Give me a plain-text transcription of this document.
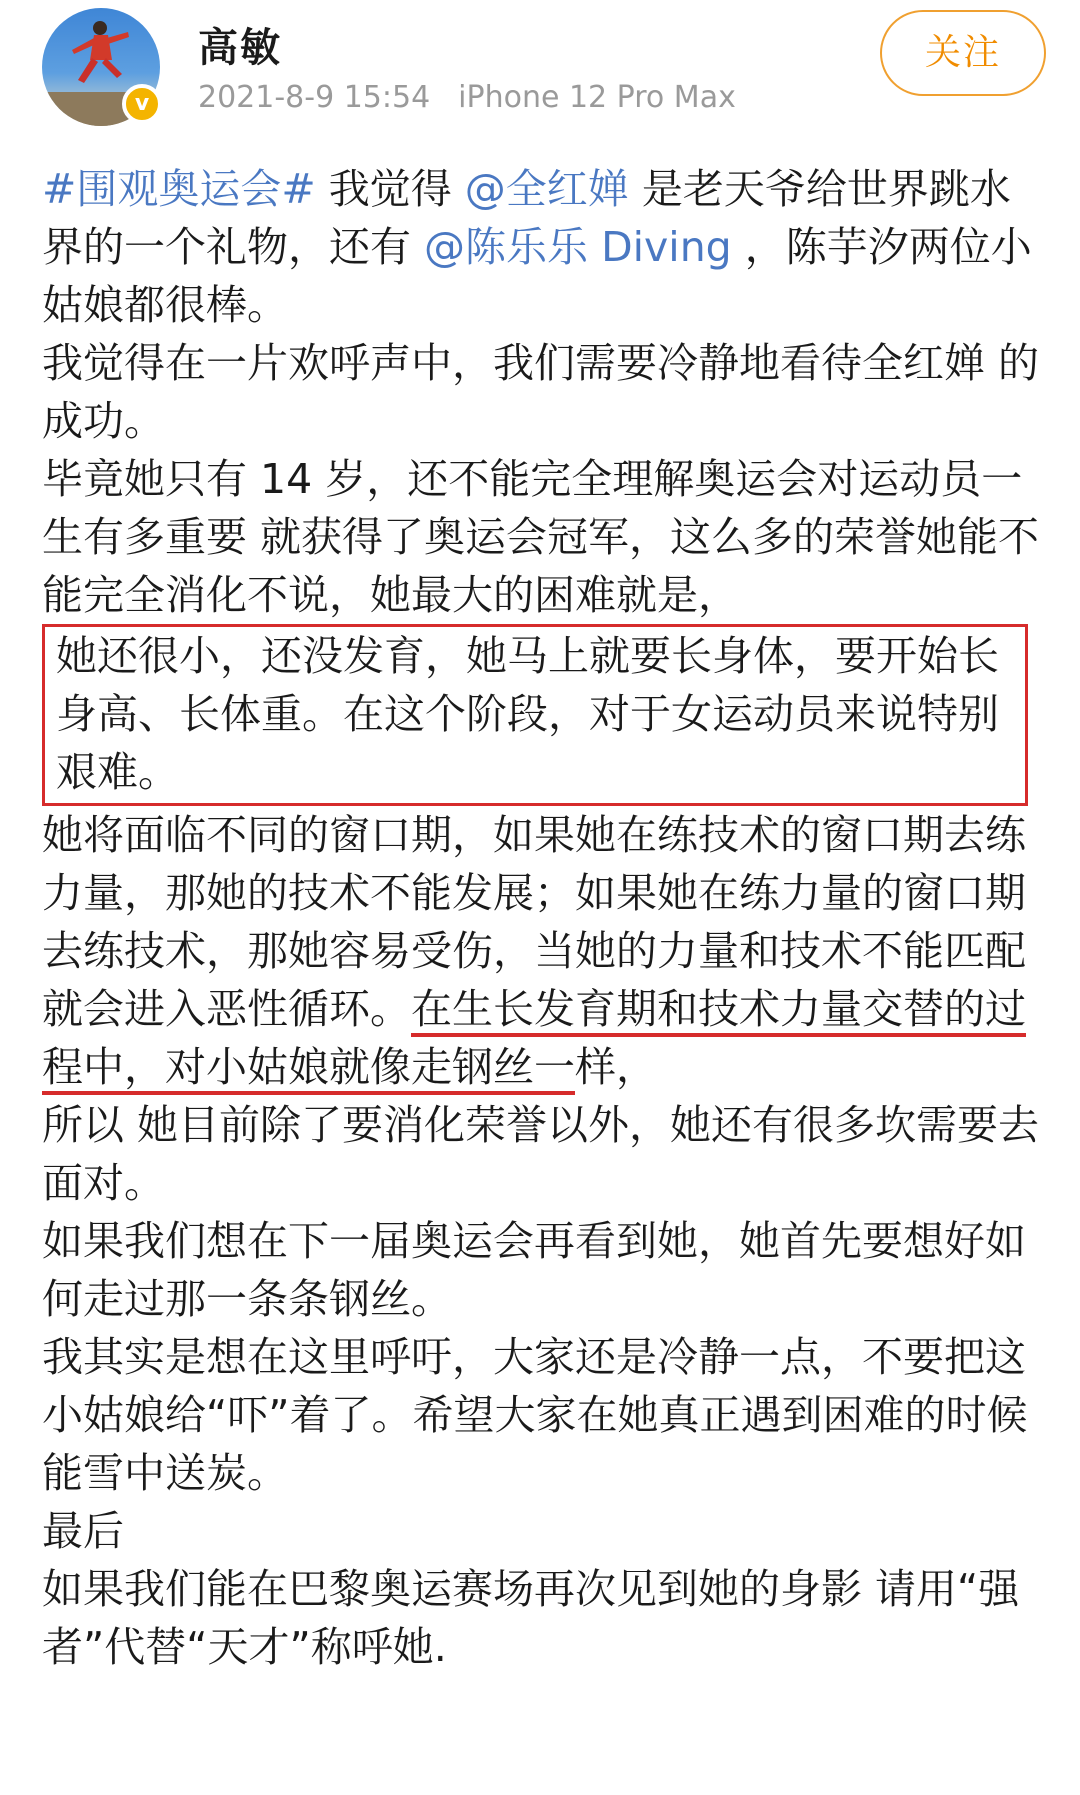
v
高敏
2021-8-9 15:54 iPhone 12 Pro Max
关注

#围观奥运会# 我觉得 @全红婵 是老天爷给世界跳水界的一个礼物，还有 @陈乐乐 Diving ，陈芋汐两位小姑娘都很棒。

我觉得在一片欢呼声中，我们需要冷静地看待全红婵 的成功。

毕竟她只有 14 岁，还不能完全理解奥运会对运动员一生有多重要 就获得了奥运会冠军，这么多的荣誉她能不能完全消化不说，她最大的困难就是，

她还很小，还没发育，她马上就要长身体，要开始长身高、长体重。在这个阶段，对于女运动员来说特别艰难。

她将面临不同的窗口期，如果她在练技术的窗口期去练力量，那她的技术不能发展；如果她在练力量的窗口期去练技术，那她容易受伤，当她的力量和技术不能匹配就会进入恶性循环。在生长发育期和技术力量交替的过程中，对小姑娘就像走钢丝一样，

所以 她目前除了要消化荣誉以外，她还有很多坎需要去面对。

如果我们想在下一届奥运会再看到她，她首先要想好如何走过那一条条钢丝。

我其实是想在这里呼吁，大家还是冷静一点，不要把这小姑娘给“吓”着了。希望大家在她真正遇到困难的时候能雪中送炭。

最后

如果我们能在巴黎奥运赛场再次见到她的身影 请用“强者”代替“天才”称呼她.
